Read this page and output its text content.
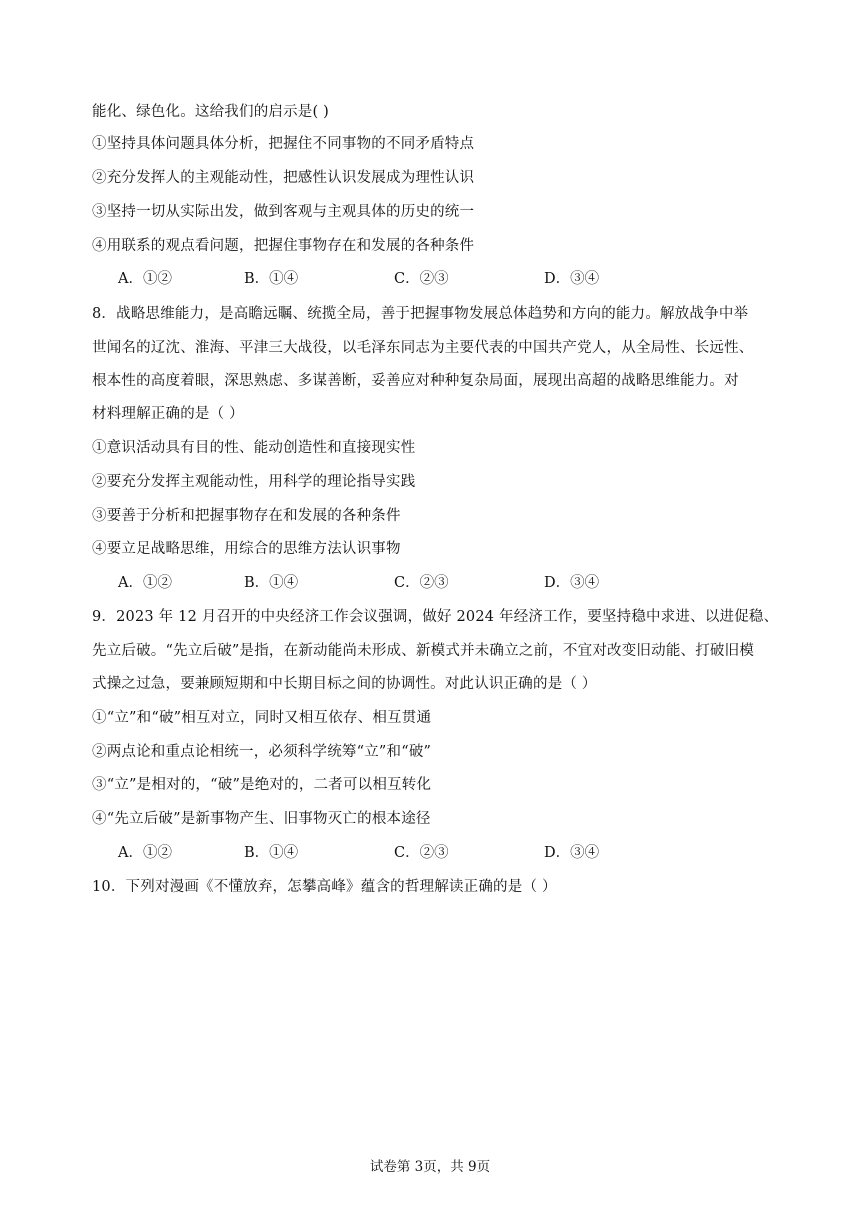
能化、绿色化。这给我们的启示是( )
①坚持具体问题具体分析，把握住不同事物的不同矛盾特点
②充分发挥人的主观能动性，把感性认识发展成为理性认识
③坚持一切从实际出发，做到客观与主观具体的历史的统一
④用联系的观点看问题，把握住事物存在和发展的各种条件
A．①②	B．①④	C．②③	D．③④
8．战略思维能力，是高瞻远瞩、统揽全局，善于把握事物发展总体趋势和方向的能力。解放战争中举
世闻名的辽沈、淮海、平津三大战役，以毛泽东同志为主要代表的中国共产党人，从全局性、长远性、
根本性的高度着眼，深思熟虑、多谋善断，妥善应对种种复杂局面，展现出高超的战略思维能力。对
材料理解正确的是（ ）
①意识活动具有目的性、能动创造性和直接现实性
②要充分发挥主观能动性，用科学的理论指导实践
③要善于分析和把握事物存在和发展的各种条件
④要立足战略思维，用综合的思维方法认识事物
A．①②	B．①④	C．②③	D．③④
9．2023 年 12 月召开的中央经济工作会议强调，做好 2024 年经济工作，要坚持稳中求进、以进促稳、
先立后破。“先立后破”是指，在新动能尚未形成、新模式并未确立之前，不宜对改变旧动能、打破旧模
式操之过急，要兼顾短期和中长期目标之间的协调性。对此认识正确的是（ ）
①“立”和“破”相互对立，同时又相互依存、相互贯通
②两点论和重点论相统一，必须科学统筹“立”和“破”
③“立”是相对的，“破”是绝对的，二者可以相互转化
④“先立后破”是新事物产生、旧事物灭亡的根本途径
A．①②	B．①④	C．②③	D．③④
10．下列对漫画《不懂放弃，怎攀高峰》蕴含的哲理解读正确的是（ ）
试卷第 3页，共 9页
